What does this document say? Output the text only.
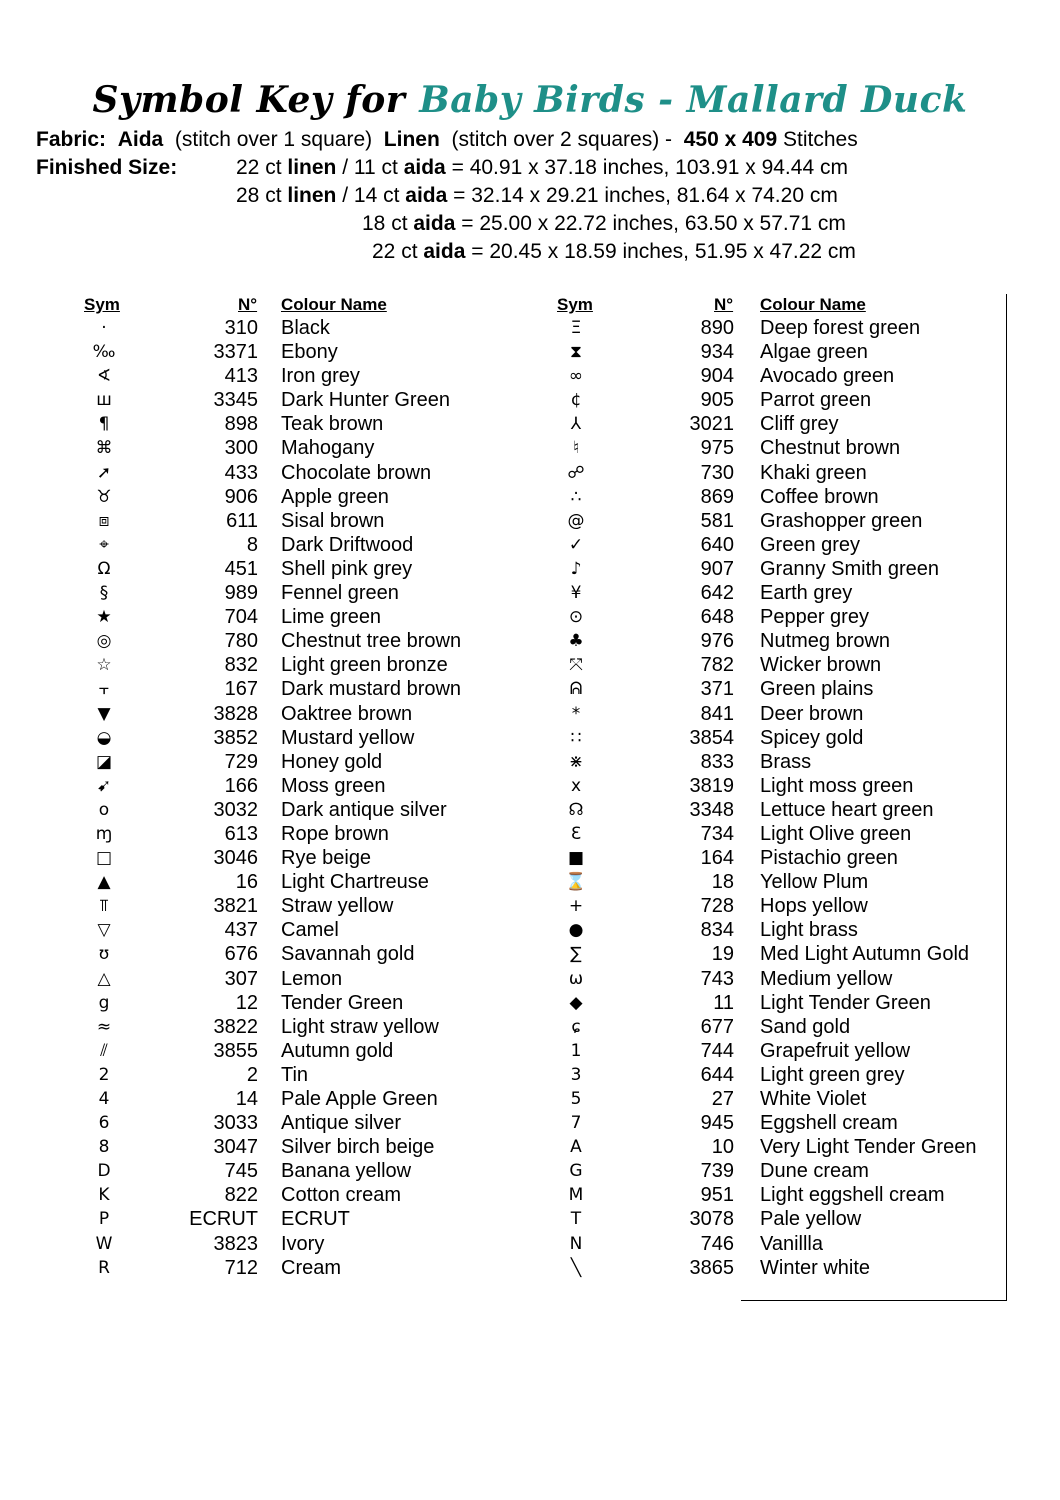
Symbol Key for Baby Birds - Mallard Duck
Fabric: Aida (stitch over 1 square) Linen (stitch over 2 squares) - 450 x 409 Stitches
Finished Size:	22 ct linen / 11 ct aida = 40.91 x 37.18 inches, 103.91 x 94.44 cm
28 ct linen / 14 ct aida = 32.14 x 29.21 inches, 81.64 x 74.20 cm
18 ct aida = 25.00 x 22.72 inches, 63.50 x 57.71 cm
22 ct aida = 20.45 x 18.59 inches, 51.95 x 47.22 cm
Sym	N° Colour Name	Sym	N° Colour Name
·	310 Black
‰	3371 Ebony
∢	413 Iron grey
ш	3345 Dark Hunter Green
¶	898 Teak brown
⌘	300 Mahogany
➚	433 Chocolate brown
♉	906 Apple green
⧈	611 Sisal brown
⌖	8 Dark Driftwood
Ω	451 Shell pink grey
§	989 Fennel green
★	704 Lime green
◎	780 Chestnut tree brown
☆	832 Light green bronze
⫟	167 Dark mustard brown
▼	3828 Oaktree brown
◒	3852 Mustard yellow
◪	729 Honey gold
➹	166 Moss green
o	3032 Dark antique silver
ɱ	613 Rope brown
□	3046 Rye beige
▲	16 Light Chartreuse
⫪	3821 Straw yellow
▽	437 Camel
ʊ	676 Savannah gold
△	307 Lemon
g	12 Tender Green
≈	3822 Light straw yellow
⫽	3855 Autumn gold
2	2 Tin
4	14 Pale Apple Green
6	3033 Antique silver
8	3047 Silver birch beige
D	745 Banana yellow
K	822 Cotton cream
P	ECRUT ECRUT
W	3823 Ivory
R	712 Cream
Ξ	890 Deep forest green
⧗	934 Algae green
∞	904 Avocado green
¢	905 Parrot green
⅄	3021 Cliff grey
♮	975 Chestnut brown
☍	730 Khaki green
∴	869 Coffee brown
@	581 Grashopper green
✓	640 Green grey
♪	907 Granny Smith green
¥	642 Earth grey
⊙	648 Pepper grey
♣	976 Nutmeg brown
⤧	782 Wicker brown
ᕱ	371 Green plains
*	841 Deer brown
∷	3854 Spicey gold
⋇	833 Brass
x	3819 Light moss green
☊	3348 Lettuce heart green
Ɛ	734 Light Olive green
■	164 Pistachio green
⌛	18 Yellow Plum
+	728 Hops yellow
●	834 Light brass
∑	19 Med Light Autumn Gold
ω	743 Medium yellow
◆	11 Light Tender Green
ɕ	677 Sand gold
1	744 Grapefruit yellow
3	644 Light green grey
5	27 White Violet
7	945 Eggshell cream
A	10 Very Light Tender Green
G	739 Dune cream
M	951 Light eggshell cream
T	3078 Pale yellow
N	746 Vanillla
╲	3865 Winter white
